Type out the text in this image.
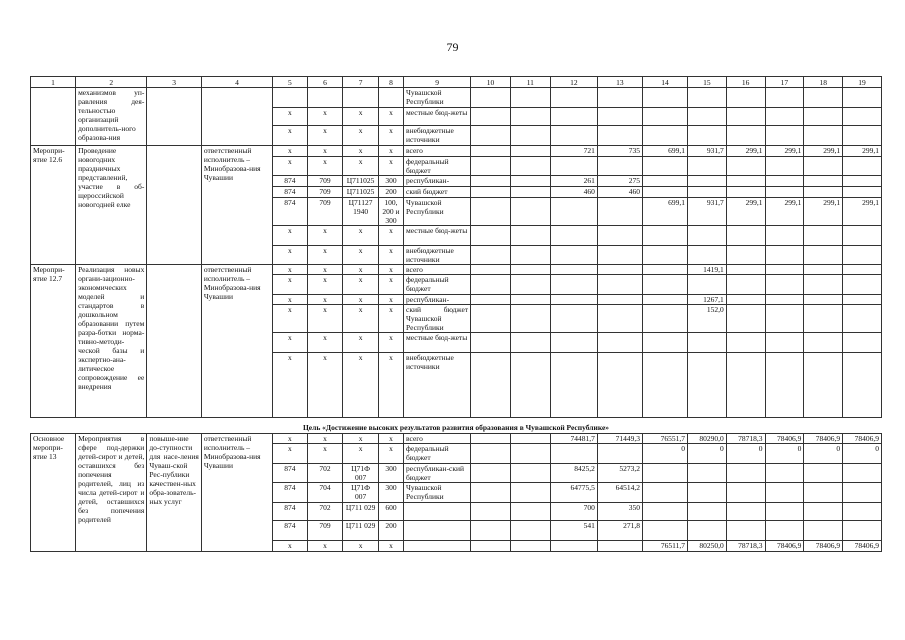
79
1	2	3	4	5	6	7	8	9	10	11	12	13	14	15	16	17	18	19
	механизмов уп-равления дея-тельностью организаций дополнитель-ного образова-ния							Чувашской Республики										
				x	x	x	x	местные бюд-жеты										
				x	x	x	x	внебюджетные источники										
Меропри-ятие 12.6	Проведение новогодних праздничных представлений, участие в об-щероссийской новогодней елке		ответственный исполнитель – Минобразова-ния Чувашии	x	x	x	x	всего			721	735	699,1	931,7	299,1	299,1	299,1	299,1
				x	x	x	x	федеральный бюджет										
				874	709	Ц711025	300	республикан-			261	275						
				874	709	Ц711025	200	ский бюджет			460	460						
				874	709	Ц71127 1940	100, 200 и 300	Чувашской Республики					699,1	931,7	299,1	299,1	299,1	299,1
				x	x	x	x	местные бюд-жеты										
				x	x	x	x	внебюджетные источники										
Меропри-ятие 12.7	Реализация новых органи-зационно-экономических моделей и стандартов в дошкольном образовании путем разра-ботки норма-тивно-методи-ческой базы и экспертно-ана-литическое сопровождение ее внедрения		ответственный исполнитель – Минобразова-ния Чувашии	x	x	x	x	всего						1419,1				
				x	x	x	x	федеральный бюджет										
				x	x	x	x	республикан-						1267,1				
				x	x	x	x	ский бюджет Чувашской Республики						152,0				
				x	x	x	x	местные бюд-жеты										
				x	x	x	x	внебюджетные источники										
Цель «Достижение высоких результатов развития образования в Чувашской Республике»																		
Основное меропри-ятие 13	Мероприятия в сфере под-держки детей-сирот и детей, оставшихся без попечения родителей, лиц из числа детей-сирот и детей, оставшихся без попечения родителей	повыше-ние до-ступности для насе-ления Чуваш-ской Рес-публики качествен-ных обра-зователь-ных услуг	ответственный исполнитель – Минобразова-ния Чувашии	x	x	x	x	всего			74481,7	71449,3	76551,7	80290,0	78718,3	78406,9	78406,9	78406,9
				x	x	x	x	федеральный бюджет					0	0	0	0	0	0
				874	702	Ц71Ф 007	300	республикан-ский бюджет			8425,2	5273,2						
				874	704	Ц71Ф 007	300	Чувашской Республики			64775,5	64514,2						
				874	702	Ц711 029	600				700	350						
				874	709	Ц711 029	200				541	271,8						
				x	x	x	x						76511,7	80250,0	78718,3	78406,9	78406,9	78406,9
